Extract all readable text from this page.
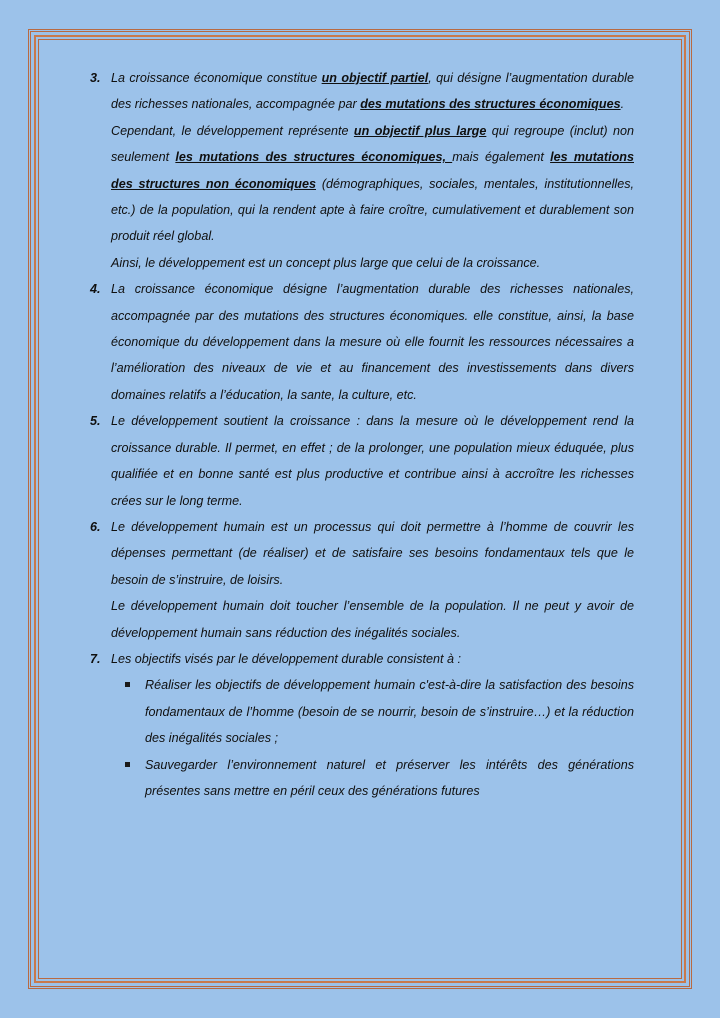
3. La croissance économique constitue un objectif partiel, qui désigne l’augmentation durable des richesses nationales, accompagnée par des mutations des structures économiques.

Cependant, le développement représente un objectif plus large qui regroupe (inclut) non seulement les mutations des structures économiques, mais également les mutations des structures non économiques (démographiques, sociales, mentales, institutionnelles, etc.) de la population, qui la rendent apte à faire croître, cumulativement et durablement son produit réel global.

Ainsi, le développement est un concept plus large que celui de la croissance.

4. La croissance économique désigne l’augmentation durable des richesses nationales, accompagnée par des mutations des structures économiques. elle constitue, ainsi, la base économique du développement dans la mesure où elle fournit les ressources nécessaires a l’amélioration des niveaux de vie et au financement des investissements dans divers domaines relatifs a l’éducation, la sante, la culture, etc.

5. Le développement soutient la croissance : dans la mesure où le développement rend la croissance durable. Il permet, en effet ; de la prolonger, une population mieux éduquée, plus qualifiée et en bonne santé est plus productive et contribue ainsi à accroître les richesses crées sur le long terme.

6. Le développement humain est un processus qui doit permettre à l’homme de couvrir les dépenses permettant (de réaliser) et de satisfaire ses besoins fondamentaux tels que le besoin de s’instruire, de loisirs.

Le développement humain doit toucher l’ensemble de la population. Il ne peut y avoir de développement humain sans réduction des inégalités sociales.

7. Les objectifs visés par le développement durable consistent à :

Réaliser les objectifs de développement humain c'est-à-dire la satisfaction des besoins fondamentaux de l’homme (besoin de se nourrir, besoin de s’instruire…) et la réduction des inégalités sociales ;

Sauvegarder l’environnement naturel et préserver les intérêts des générations présentes sans mettre en péril ceux des générations futures
